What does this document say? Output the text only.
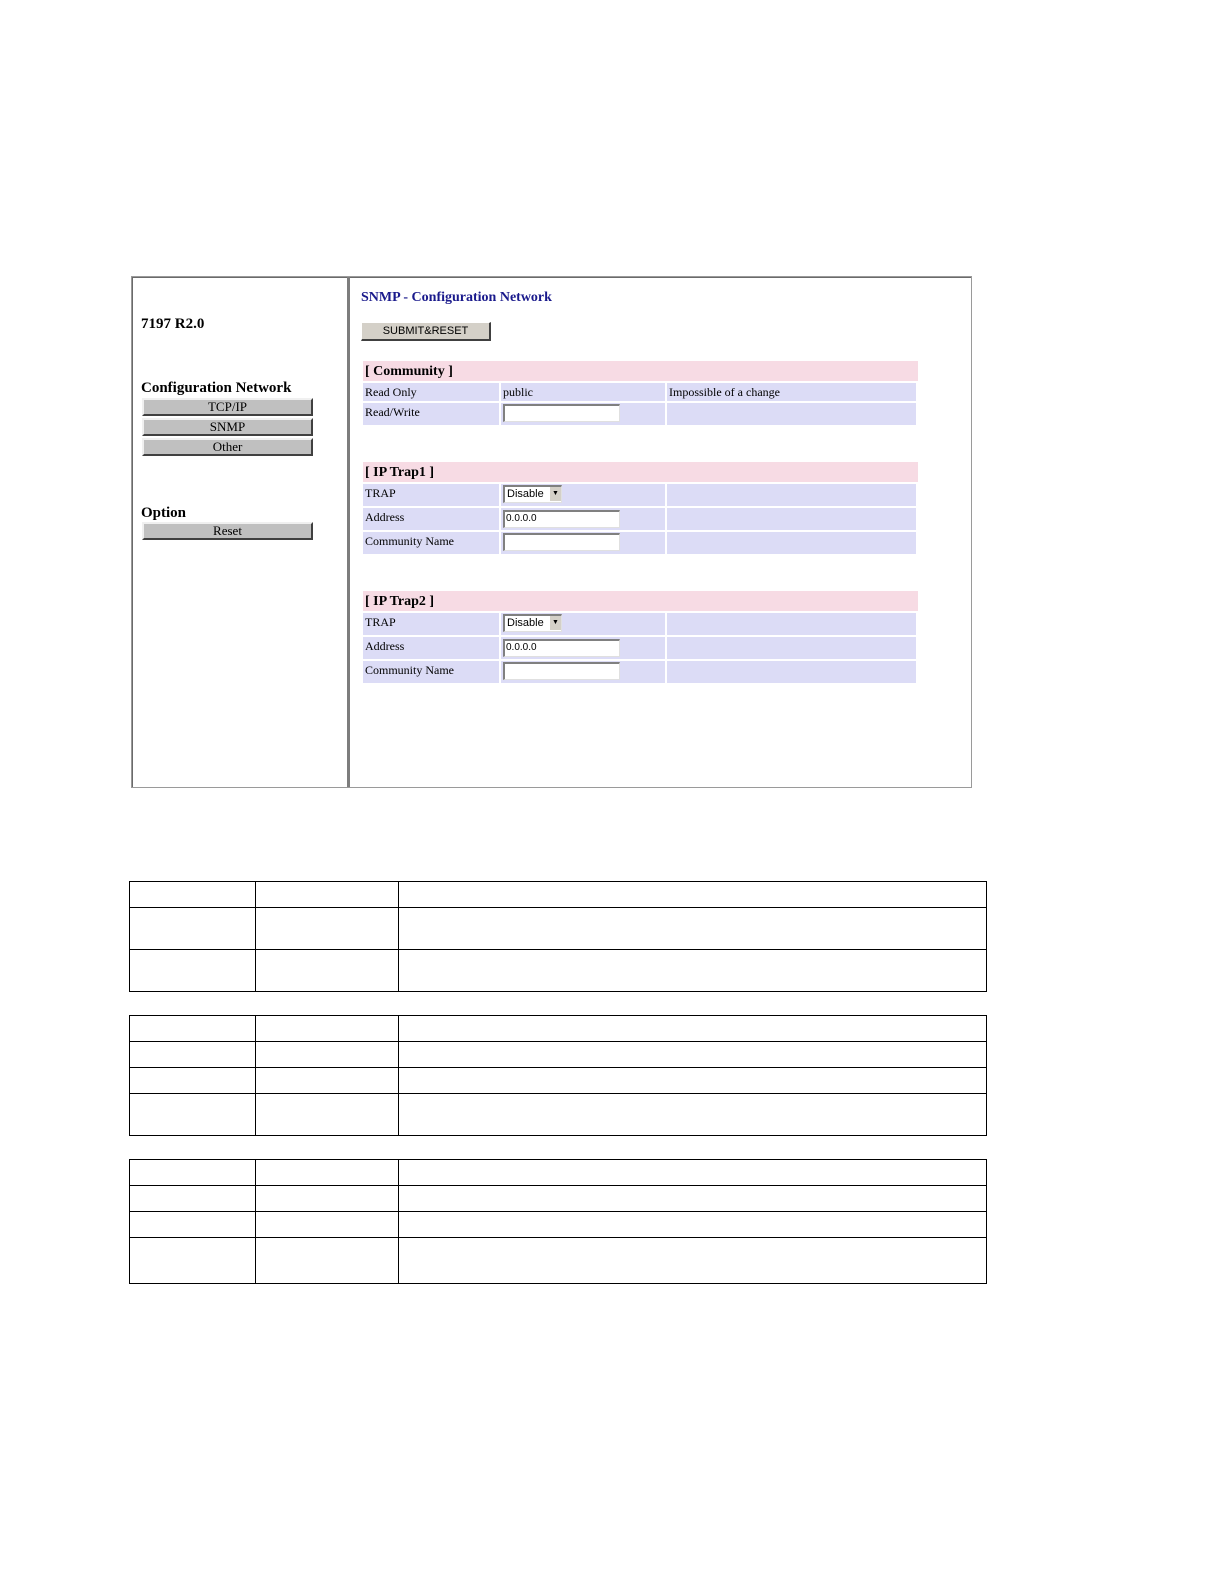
7197 R2.0
Configuration Network
TCP/IP
SNMP
Other
Option
Reset
SNMP - Configuration Network
SUBMIT&RESET
[ Community ]
Read Only	public	Impossible of a change
Read/Write
[ IP Trap1 ]
TRAP	Disable	▼
Address	0.0.0.0
Community Name
[ IP Trap2 ]
TRAP	Disable	▼
Address	0.0.0.0
Community Name
